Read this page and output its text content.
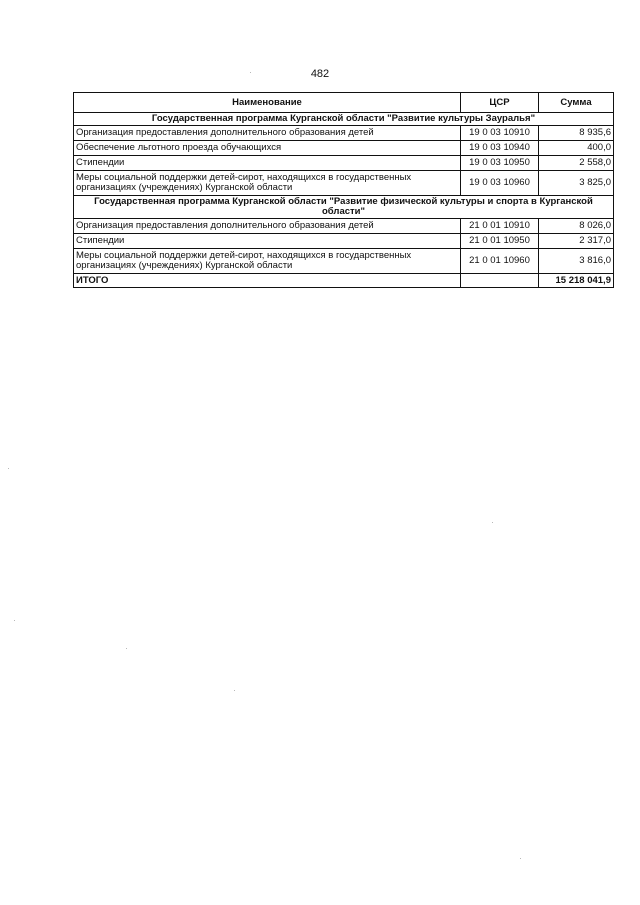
482
Наименование	ЦСР	Сумма
Государственная программа Курганской области "Развитие культуры Зауралья"		
Организация предоставления дополнительного образования детей	19 0 03 10910	8 935,6
Обеспечение льготного проезда обучающихся	19 0 03 10940	400,0
Стипендии	19 0 03 10950	2 558,0
Меры социальной поддержки детей-сирот, находящихся в государственных организациях (учреждениях) Курганской области	19 0 03 10960	3 825,0
Государственная программа Курганской области "Развитие физической культуры и спорта в Курганской области"		
Организация предоставления дополнительного образования детей	21 0 01 10910	8 026,0
Стипендии	21 0 01 10950	2 317,0
Меры социальной поддержки детей-сирот, находящихся в государственных организациях (учреждениях) Курганской области	21 0 01 10960	3 816,0
ИТОГО		15 218 041,9
